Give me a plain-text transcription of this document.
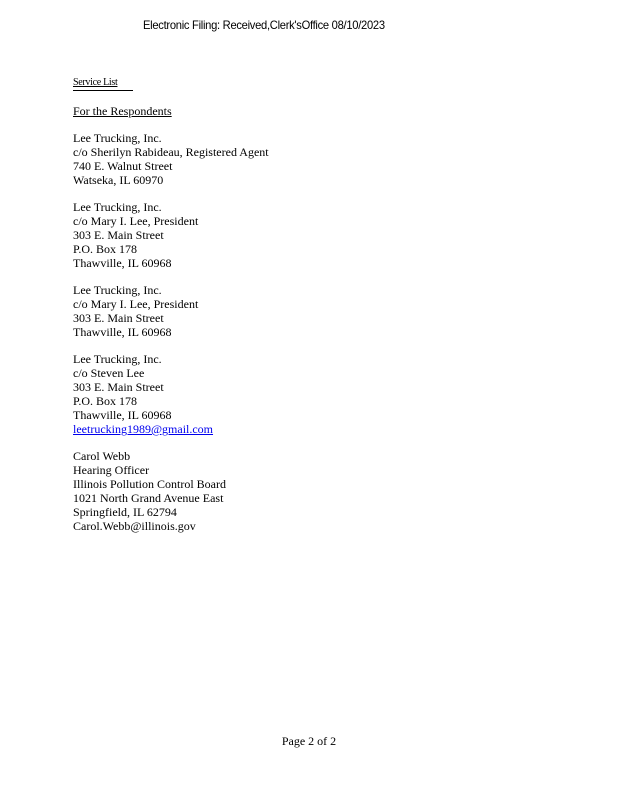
Electronic Filing: Received,Clerk'sOffice 08/10/2023
Service List
For the Respondents
Lee Trucking, Inc.
c/o Sherilyn Rabideau, Registered Agent
740 E. Walnut Street
Watseka, IL 60970
Lee Trucking, Inc.
c/o Mary I. Lee, President
303 E. Main Street
P.O. Box 178
Thawville, IL 60968
Lee Trucking, Inc.
c/o Mary I. Lee, President
303 E. Main Street
Thawville, IL 60968
Lee Trucking, Inc.
c/o Steven Lee
303 E. Main Street
P.O. Box 178
Thawville, IL 60968
leetrucking1989@gmail.com
Carol Webb
Hearing Officer
Illinois Pollution Control Board
1021 North Grand Avenue East
Springfield, IL 62794
Carol.Webb@illinois.gov
Page 2 of 2
